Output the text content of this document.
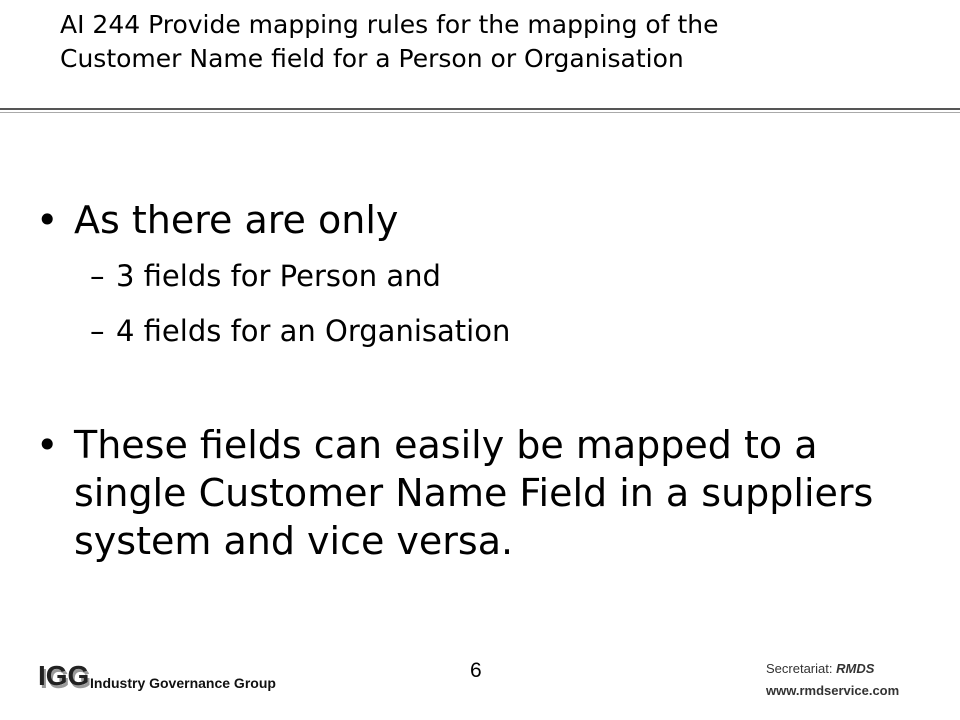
AI 244 Provide mapping rules for the mapping of the
Customer Name field for a Person or Organisation
• As there are only
– 3 fields for Person and
– 4 fields for an Organisation
• These fields can easily be mapped to a
single Customer Name Field in a suppliers
system and vice versa.
6
IGG Industry Governance Group
Secretariat: RMDS
www.rmdservice.com
